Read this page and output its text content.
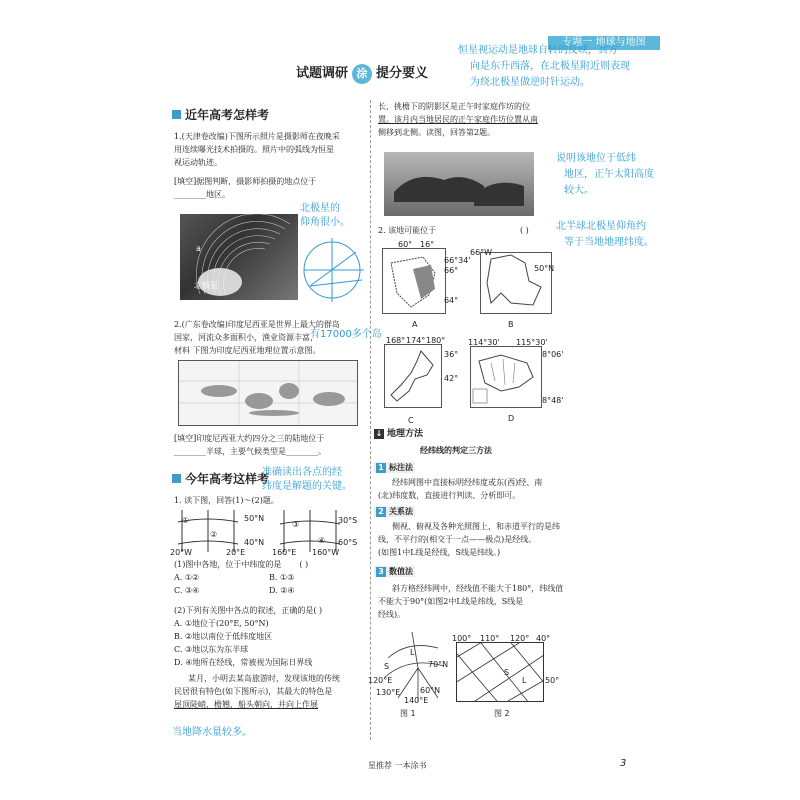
专题一 地球与地图
试题调研 涂 提分要义
近年高考怎样考
1.(天津卷改编)下图所示照片是摄影师在夜晚采
用连续曝光技术拍摄的。照片中的弧线为恒星
视运动轨迹。
[填空]据图判断，摄影师拍摄的地点位于
________地区。
a
北极星
北极星的
仰角很小。
2.(广东卷改编)印度尼西亚是世界上最大的群岛
国家，河流众多面积小，渔业资源丰富，
材料 下图为印度尼西亚地理位置示意图。
有17000多个岛
[填空]印度尼西亚大约四分之三的陆地位于
________半球，主要气候类型是________。
今年高考这样考
准确读出各点的经
纬度是解题的关键。
1. 读下图，回答(1)～(2)题。
50°N
40°N
20°W	20°E
30°S
60°S
160°E 160°W
①
②
③
④
(1)图中各地，位于中纬度的是 ( )
A. ①②	B. ①③
C. ③④	D. ②④
(2)下列有关图中各点的叙述，正确的是( )
A. ①地位于(20°E, 50°N)
B. ②地以南位于低纬度地区
C. ③地以东为东半球
D. ④地所在经线，常被视为国际日界线
某月，小明去某岛旅游时，发现该地的传统
民居很有特色(如下图所示)，其最大的特色是
屋顶陡峭，檐翘，船头朝向，并向上作展
当地降水量较多。
恒星视运动是地球自转的反映，其方
向是东升西落，在北极星附近则表现
为绕北极星做逆时针运动。
长，挑檐下的阴影区是正午时家庭作坊的位
置。该月内当地居民的正午家庭作坊位置从南
侧移到北侧。读图，回答第2题。
说明该地位于低纬
地区，正午太阳高度
较大。
2. 该地可能位于	( )	北半球北极星仰角约
等于当地地理纬度。
60° 16°
66°34'
66°
64°
A
66°W
50°N
B
168° 174° 180°
36°
42°
C
114°30' 115°30'
8°06'
8°48'
D
↓ 地理方法
经纬线的判定三方法
1 标注法
经纬网图中直接标明经纬度或东(西)经、南
(北)纬度数，直接进行判读、分析即可。
2 关系法
侧视、俯视及各种光照图上，和赤道平行的是纬
线，不平行的(相交于一点——极点)是经线。
(如图1中L线是经线，S线是纬线。)
3 数值法
斜方格经纬网中，经线值不能大于180°，纬线值
不能大于90°(如图2中L线是纬线，S线是
经线)。
70°N
120°E
130°E
140°E
60°N
S
L
图 1
100° 110° 120° 40°
50°
S
L
图 2
星推荐 一本涂书	3
